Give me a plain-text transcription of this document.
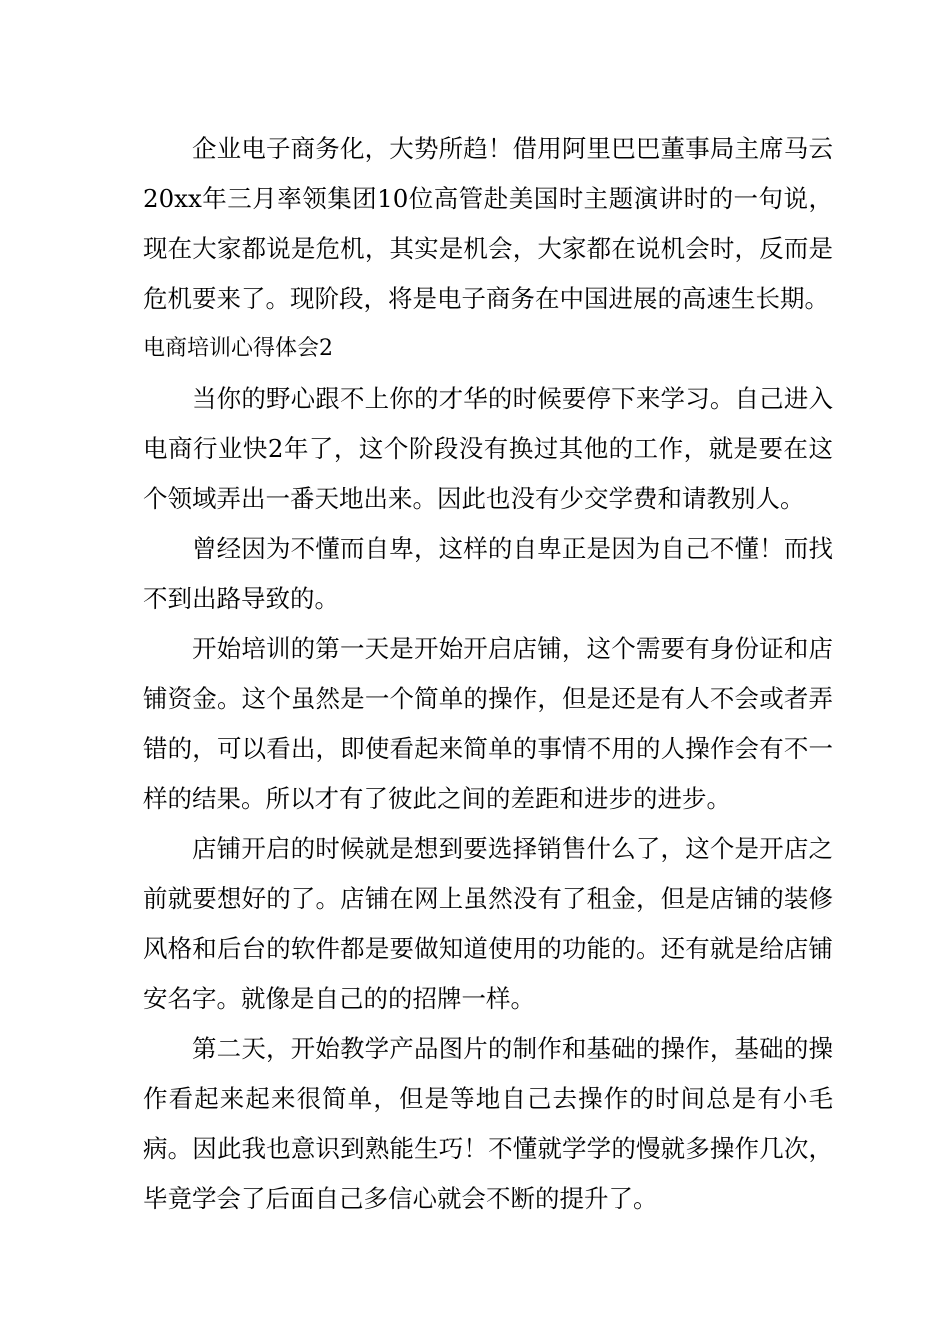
企业电子商务化，大势所趋！借用阿里巴巴董事局主席马云20xx年三月率领集团10位高管赴美国时主题演讲时的一句说，现在大家都说是危机，其实是机会，大家都在说机会时，反而是危机要来了。现阶段，将是电子商务在中国进展的高速生长期。

电商培训心得体会2

当你的野心跟不上你的才华的时候要停下来学习。自己进入电商行业快2年了，这个阶段没有换过其他的工作，就是要在这个领域弄出一番天地出来。因此也没有少交学费和请教别人。

曾经因为不懂而自卑，这样的自卑正是因为自己不懂！而找不到出路导致的。

开始培训的第一天是开始开启店铺，这个需要有身份证和店铺资金。这个虽然是一个简单的操作，但是还是有人不会或者弄错的，可以看出，即使看起来简单的事情不用的人操作会有不一样的结果。所以才有了彼此之间的差距和进步的进步。

店铺开启的时候就是想到要选择销售什么了，这个是开店之前就要想好的了。店铺在网上虽然没有了租金，但是店铺的装修风格和后台的软件都是要做知道使用的功能的。还有就是给店铺安名字。就像是自己的的招牌一样。

第二天，开始教学产品图片的制作和基础的操作，基础的操作看起来起来很简单，但是等地自己去操作的时间总是有小毛病。因此我也意识到熟能生巧！不懂就学学的慢就多操作几次，毕竟学会了后面自己多信心就会不断的提升了。
